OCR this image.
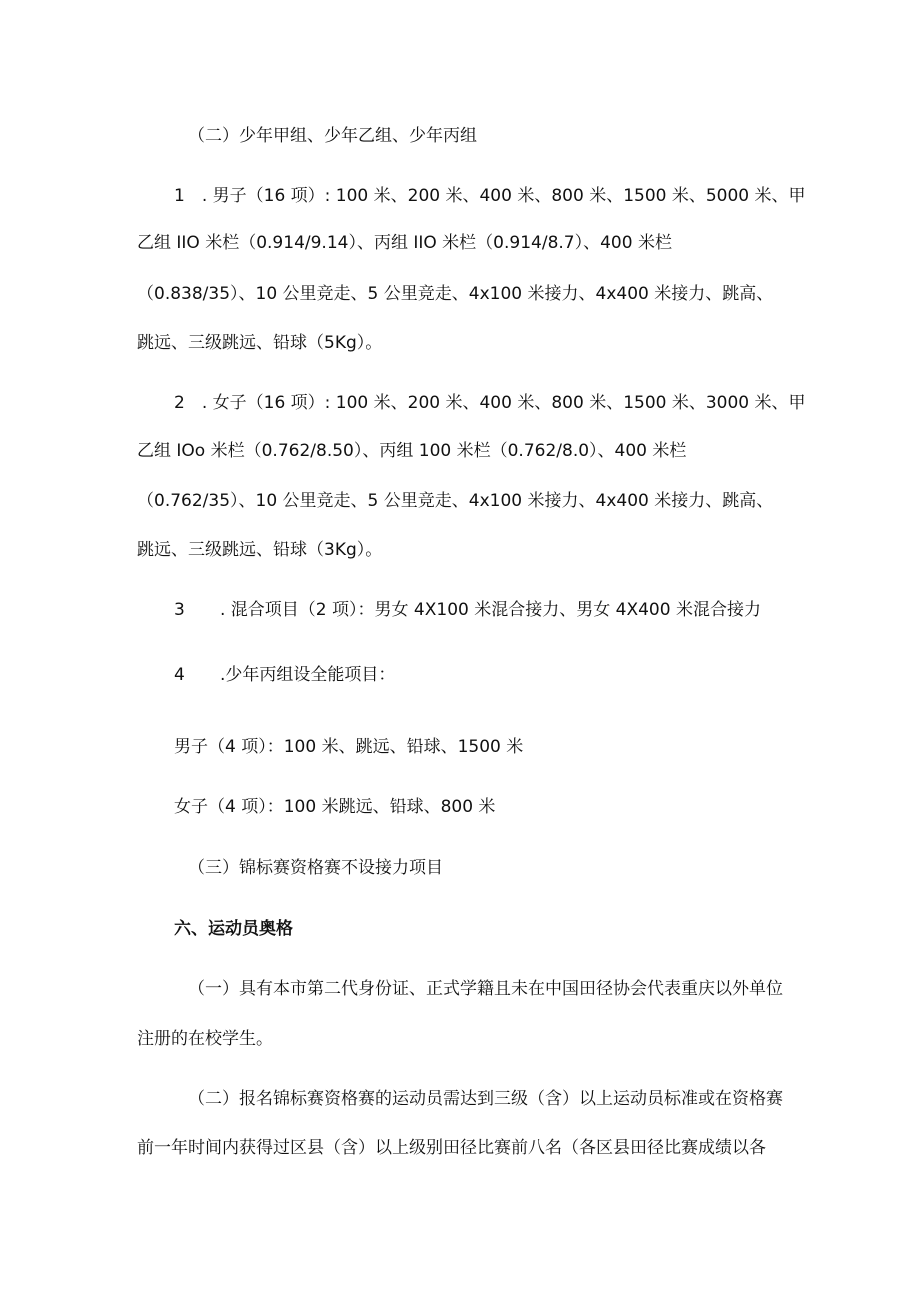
（二）少年甲组、少年乙组、少年丙组
1　. 男子（16 项）: 100 米、200 米、400 米、800 米、1500 米、5000 米、甲
乙组 IIO 米栏（0.914/9.14）、丙组 IIO 米栏（0.914/8.7）、400 米栏
（0.838/35）、10 公里竞走、5 公里竞走、4x100 米接力、4x400 米接力、跳高、
跳远、三级跳远、铅球（5Kg）。
2　. 女子（16 项）: 100 米、200 米、400 米、800 米、1500 米、3000 米、甲
乙组 IOo 米栏（0.762/8.50）、丙组 100 米栏（0.762/8.0）、400 米栏
（0.762/35）、10 公里竞走、5 公里竞走、4x100 米接力、4x400 米接力、跳高、
跳远、三级跳远、铅球（3Kg）。
3 . 混合项目（2 项）：男女 4X100 米混合接力、男女 4X400 米混合接力
4 .少年丙组设全能项目：
男子（4 项）：100 米、跳远、铅球、1500 米
女子（4 项）：100 米跳远、铅球、800 米
（三）锦标赛资格赛不设接力项目
六、运动员奥格
（一）具有本市第二代身份证、正式学籍且未在中国田径协会代表重庆以外单位
注册的在校学生。
（二）报名锦标赛资格赛的运动员需达到三级（含）以上运动员标准或在资格赛
前一年时间内获得过区县（含）以上级别田径比赛前八名（各区县田径比赛成绩以各
